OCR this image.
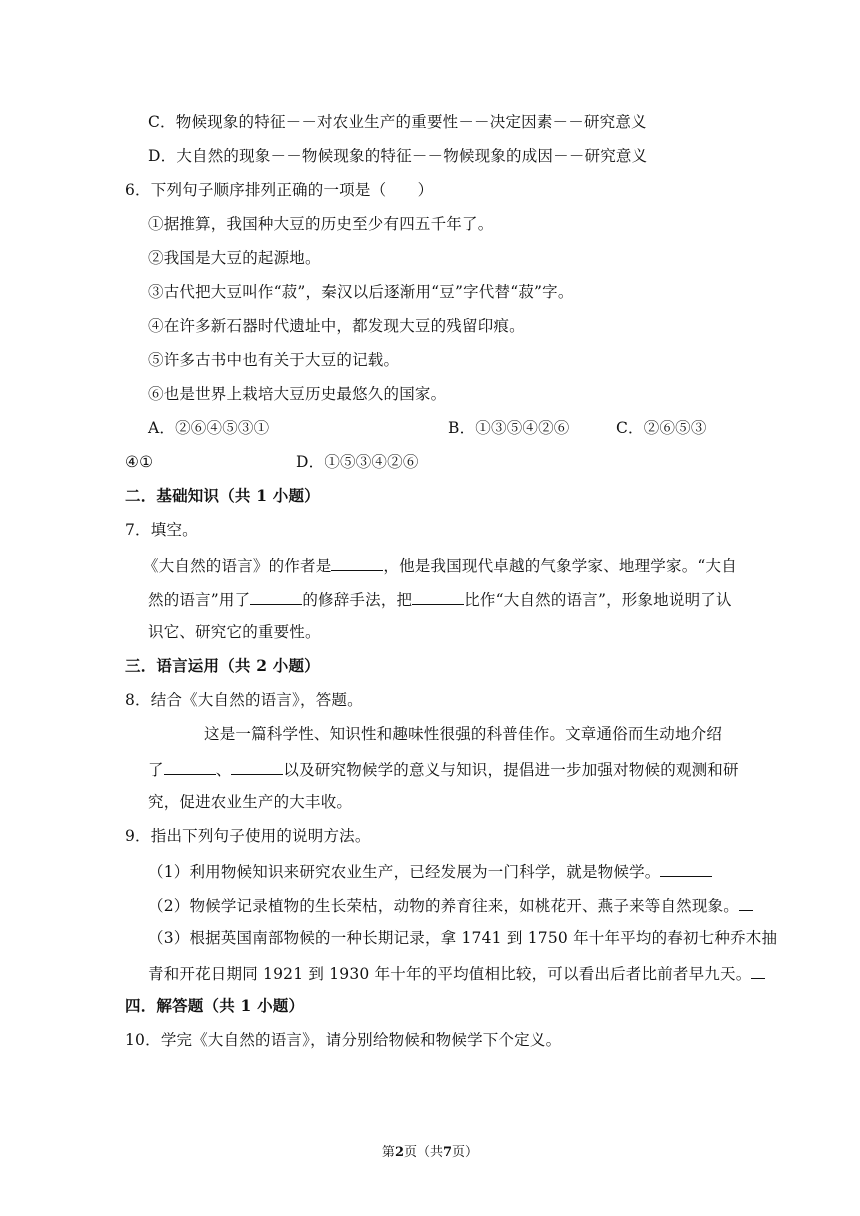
C．物候现象的特征－－对农业生产的重要性－－决定因素－－研究意义
D．大自然的现象－－物候现象的特征－－物候现象的成因－－研究意义
6．下列句子顺序排列正确的一项是（　　）
①据推算，我国种大豆的历史至少有四五千年了。
②我国是大豆的起源地。
③古代把大豆叫作“菽”，秦汉以后逐渐用“豆”字代替“菽”字。
④在许多新石器时代遗址中，都发现大豆的残留印痕。
⑤许多古书中也有关于大豆的记载。
⑥也是世界上栽培大豆历史最悠久的国家。
A．②⑥④⑤③①	B．①③⑤④②⑥	C．②⑥⑤③
④①	D．①⑤③④②⑥
二．基础知识（共 1 小题）
7．填空。
《大自然的语言》的作者是	，他是我国现代卓越的气象学家、地理学家。“大自
然的语言”用了	的修辞手法，把	比作“大自然的语言”，形象地说明了认
识它、研究它的重要性。
三．语言运用（共 2 小题）
8．结合《大自然的语言》，答题。
这是一篇科学性、知识性和趣味性很强的科普佳作。文章通俗而生动地介绍
了	、	以及研究物候学的意义与知识，提倡进一步加强对物候的观测和研
究，促进农业生产的大丰收。
9．指出下列句子使用的说明方法。
（1）利用物候知识来研究农业生产，已经发展为一门科学，就是物候学。
（2）物候学记录植物的生长荣枯，动物的养育往来，如桃花开、燕子来等自然现象。
（3）根据英国南部物候的一种长期记录，拿 1741 到 1750 年十年平均的春初七种乔木抽
青和开花日期同 1921 到 1930 年十年的平均值相比较，可以看出后者比前者早九天。
四．解答题（共 1 小题）
10．学完《大自然的语言》，请分别给物候和物候学下个定义。
第2页（共7页）
